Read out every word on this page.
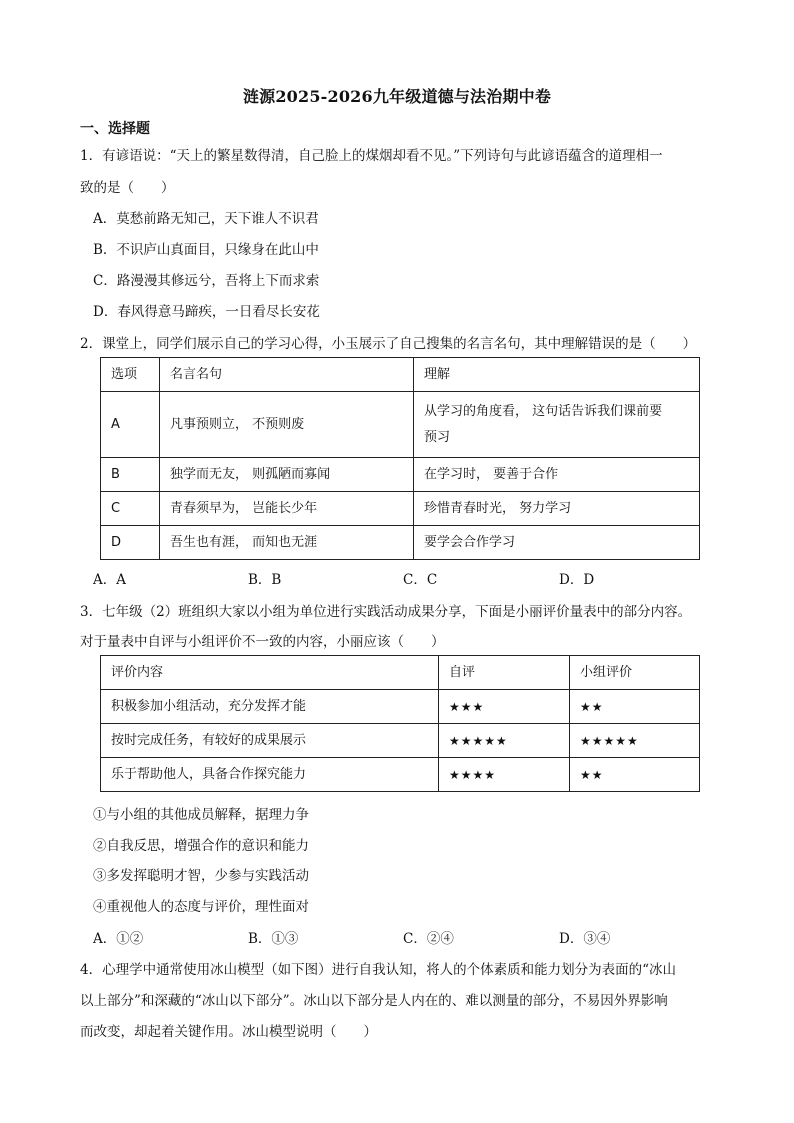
涟源2025-2026九年级道德与法治期中卷
一、选择题
1．有谚语说：“天上的繁星数得清，自己脸上的煤烟却看不见。”下列诗句与此谚语蕴含的道理相一
致的是（　　）
A．莫愁前路无知己，天下谁人不识君
B．不识庐山真面目，只缘身在此山中
C．路漫漫其修远兮，吾将上下而求索
D．春风得意马蹄疾，一日看尽长安花
2．课堂上，同学们展示自己的学习心得，小玉展示了自己搜集的名言名句，其中理解错误的是（　　）
选项	名言名句	理解
A	凡事预则立， 不预则废	从学习的角度看， 这句话告诉我们课前要
预习

B	独学而无友， 则孤陋而寡闻	在学习时， 要善于合作
C	青春须早为， 岂能长少年	珍惜青春时光， 努力学习
D	吾生也有涯， 而知也无涯	要学会合作学习
A．A	B．B	C．C	D．D
3．七年级（2）班组织大家以小组为单位进行实践活动成果分享，下面是小丽评价量表中的部分内容。
对于量表中自评与小组评价不一致的内容，小丽应该（　　）
评价内容	自评	小组评价
积极参加小组活动，充分发挥才能	★★★	★★
按时完成任务，有较好的成果展示	★★★★★	★★★★★
乐于帮助他人，具备合作探究能力	★★★★	★★
①与小组的其他成员解释，据理力争
②自我反思，增强合作的意识和能力
③多发挥聪明才智，少参与实践活动
④重视他人的态度与评价，理性面对
A．①②	B．①③	C．②④	D．③④
4．心理学中通常使用冰山模型（如下图）进行自我认知，将人的个体素质和能力划分为表面的“冰山
以上部分”和深藏的“冰山以下部分”。冰山以下部分是人内在的、难以测量的部分，不易因外界影响
而改变，却起着关键作用。冰山模型说明（　　）
